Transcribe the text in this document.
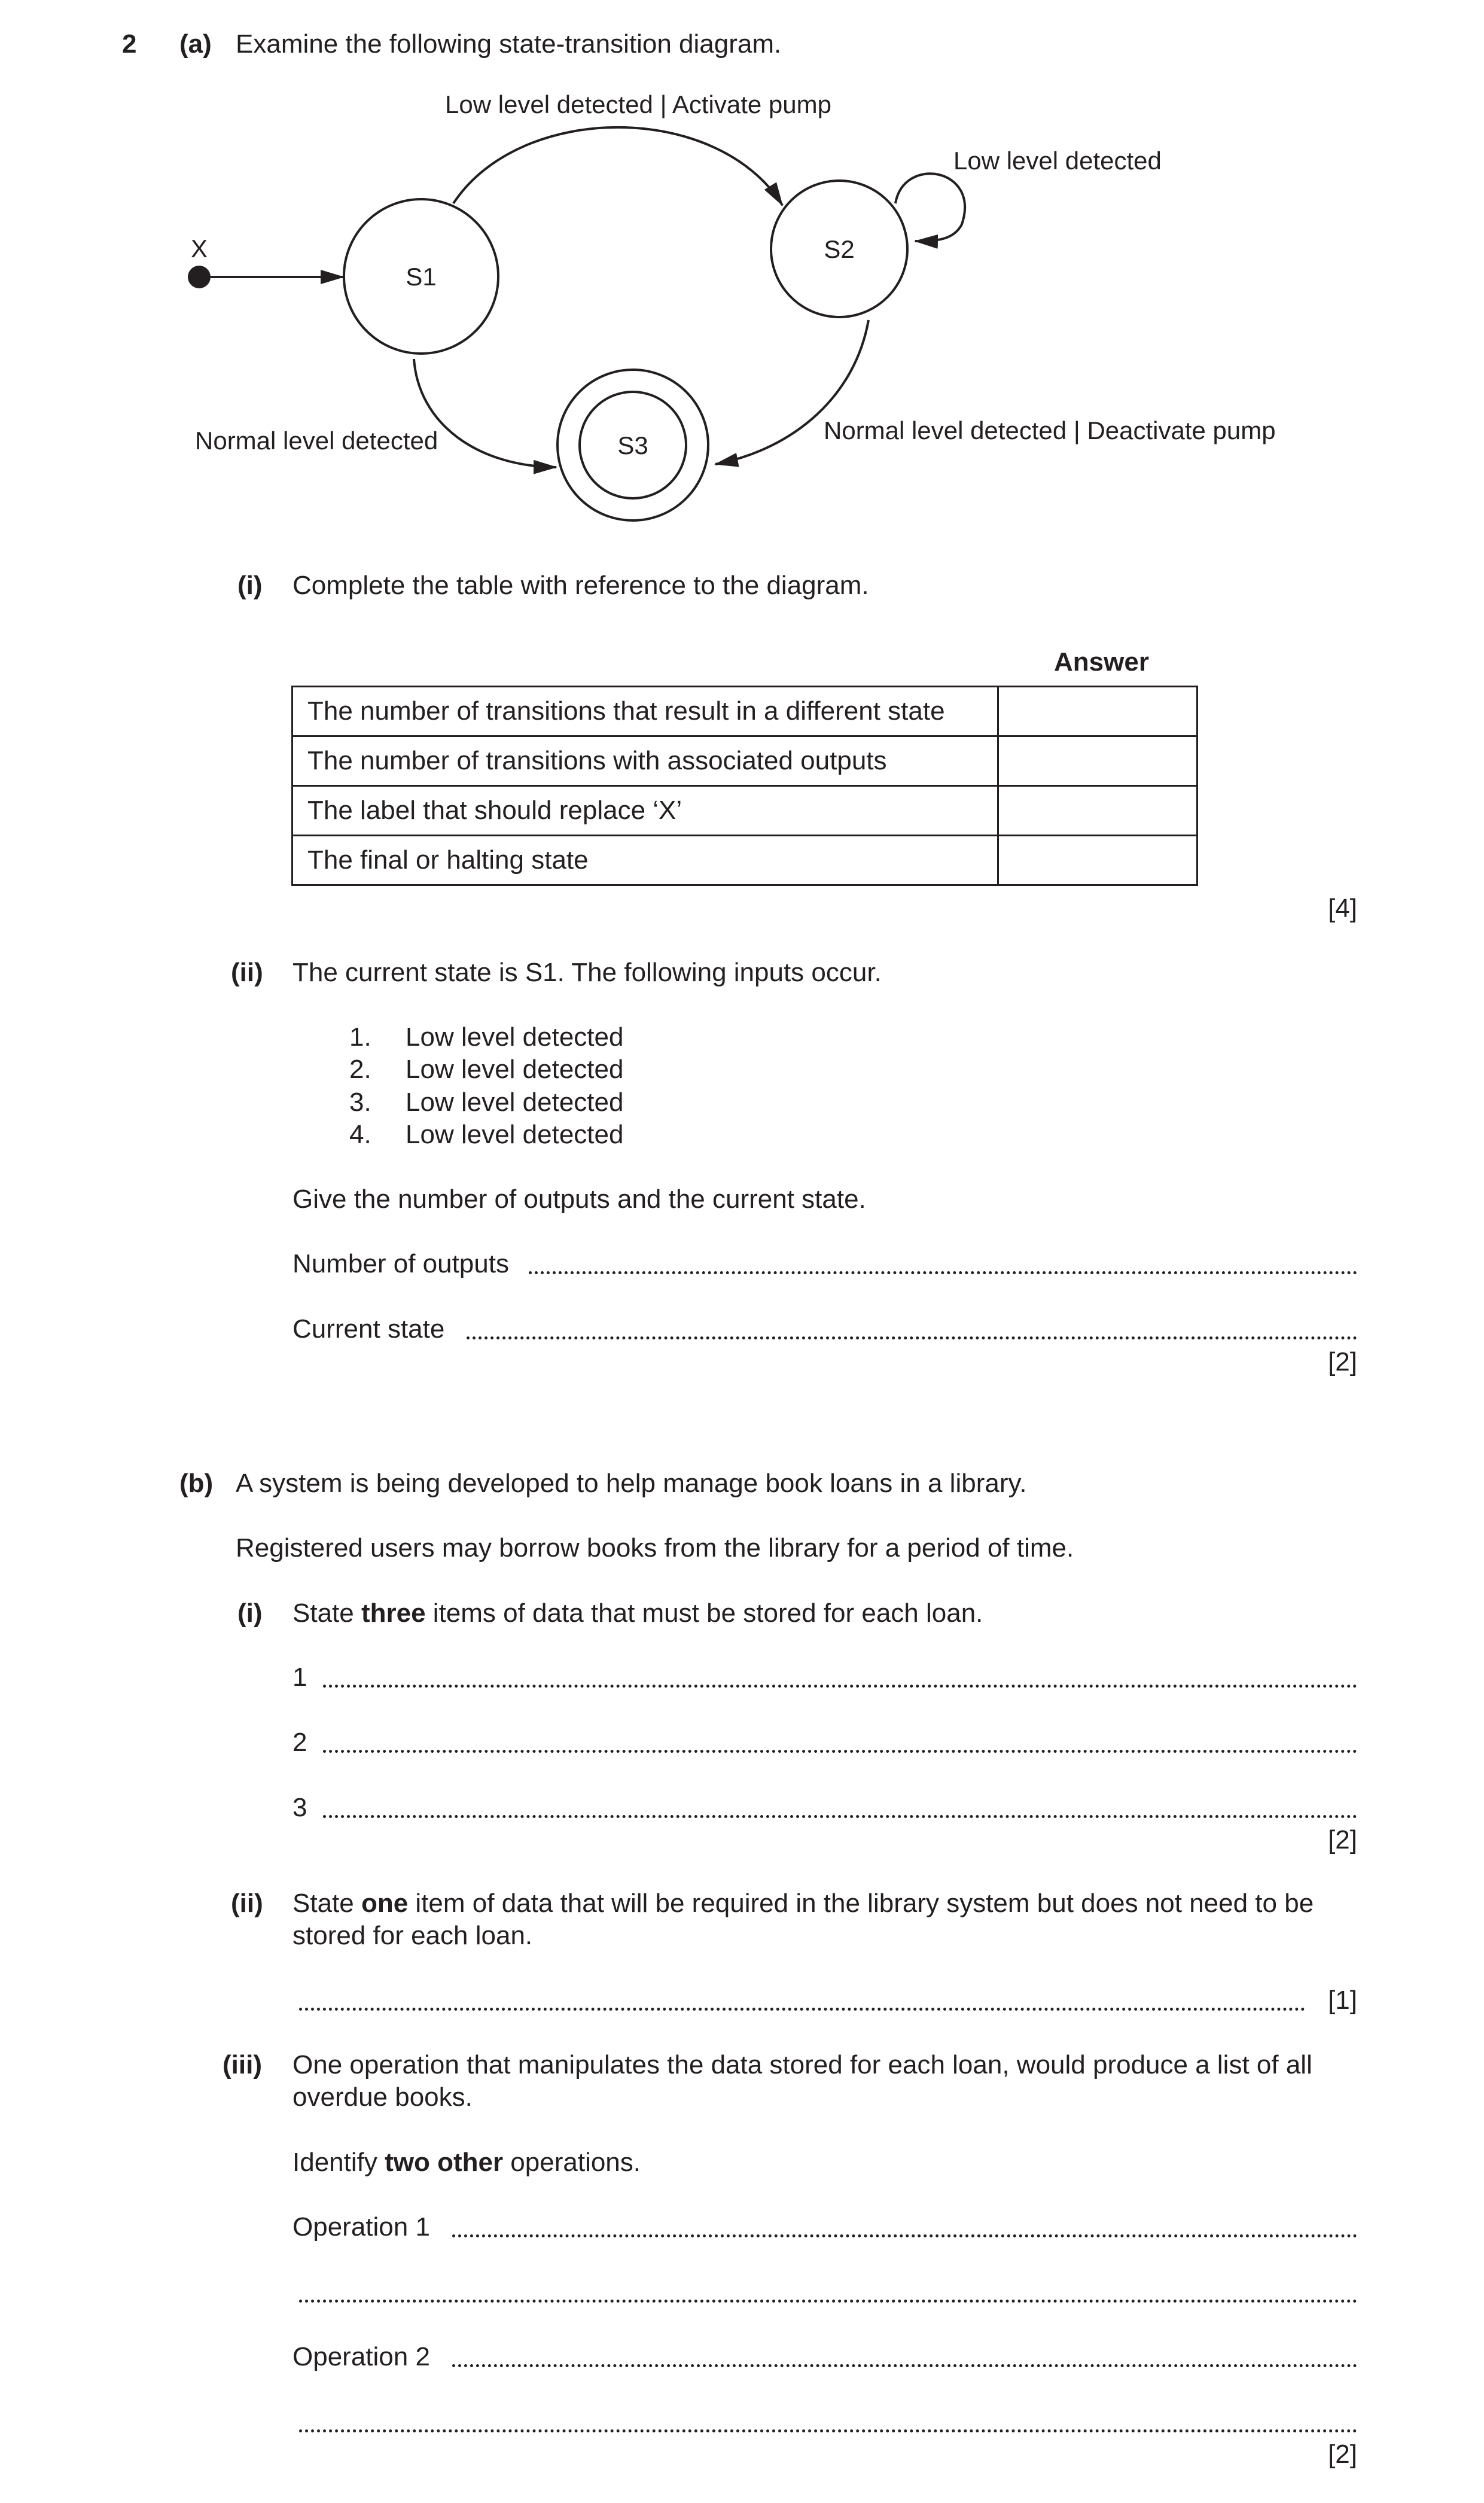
2 (a) Examine the following state-transition diagram.
X
S1
S2
S3
Low level detected | Activate pump
Low level detected
Normal level detected	Normal level detected | Deactivate pump
(i) Complete the table with reference to the diagram.
Answer
The number of transitions that result in a different state	
The number of transitions with associated outputs	
The label that should replace ‘X’	
The final or halting state	
[4]
(ii) The current state is S1. The following inputs occur.
1. Low level detected
2. Low level detected
3. Low level detected
4. Low level detected
Give the number of outputs and the current state.
Number of outputs
Current state
[2]
(b) A system is being developed to help manage book loans in a library.
Registered users may borrow books from the library for a period of time.
(i) State three items of data that must be stored for each loan.
1
2
3
[2]
(ii) State one item of data that will be required in the library system but does not need to be
stored for each loan.
[1]
(iii) One operation that manipulates the data stored for each loan, would produce a list of all
overdue books.
Identify two other operations.
Operation 1
Operation 2
[2]
